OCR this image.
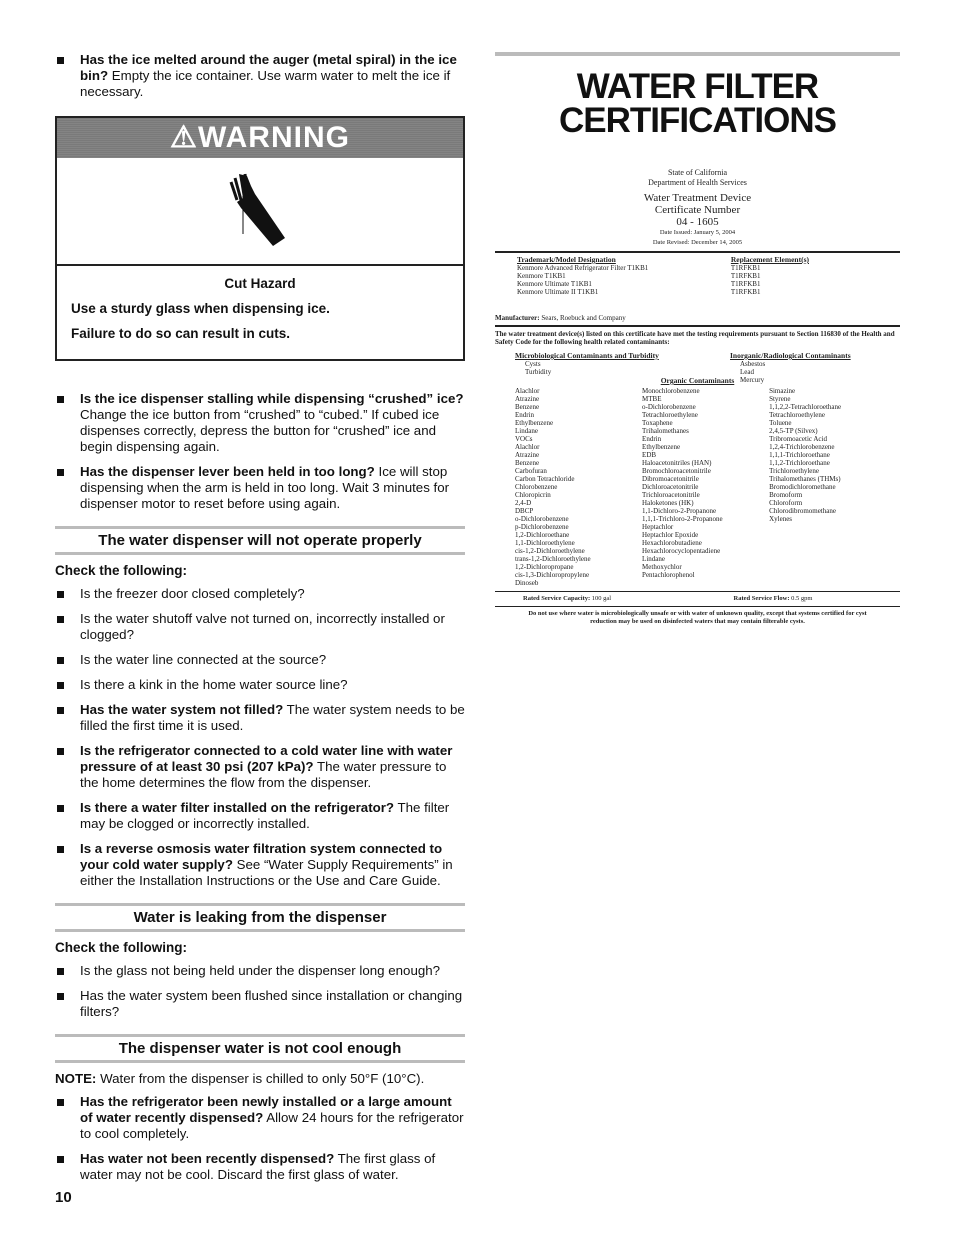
Has the ice melted around the auger (metal spiral) in the ice bin? Empty the ice container. Use warm water to melt the ice if necessary.
⚠WARNING
Cut Hazard

Use a sturdy glass when dispensing ice.

Failure to do so can result in cuts.

Is the ice dispenser stalling while dispensing “crushed” ice? Change the ice button from “crushed” to “cubed.” If cubed ice dispenses correctly, depress the button for “crushed” ice and begin dispensing again.
Has the dispenser lever been held in too long? Ice will stop dispensing when the arm is held in too long. Wait 3 minutes for dispenser motor to reset before using again.
The water dispenser will not operate properly
Check the following:
Is the freezer door closed completely?
Is the water shutoff valve not turned on, incorrectly installed or clogged?
Is the water line connected at the source?
Is there a kink in the home water source line?
Has the water system not filled? The water system needs to be filled the first time it is used.
Is the refrigerator connected to a cold water line with water pressure of at least 30 psi (207 kPa)? The water pressure to the home determines the flow from the dispenser.
Is there a water filter installed on the refrigerator? The filter may be clogged or incorrectly installed.
Is a reverse osmosis water filtration system connected to your cold water supply? See “Water Supply Requirements” in either the Installation Instructions or the Use and Care Guide.
Water is leaking from the dispenser
Check the following:
Is the glass not being held under the dispenser long enough?
Has the water system been flushed since installation or changing filters?
The dispenser water is not cool enough
NOTE: Water from the dispenser is chilled to only 50°F (10°C).
Has the refrigerator been newly installed or a large amount of water recently dispensed? Allow 24 hours for the refrigerator to cool completely.
Has water not been recently dispensed? The first glass of water may not be cool. Discard the first glass of water.
10
WATER FILTER
CERTIFICATIONS
State of California
Department of Health Services
Water Treatment Device
Certificate Number
04 - 1605
Date Issued: January 5, 2004
Date Revised: December 14, 2005
Trademark/Model Designation
Kenmore Advanced Refrigerator Filter T1KB1
Kenmore T1KB1
Kenmore Ultimate T1KB1
Kenmore Ultimate II T1KB1
Replacement Element(s)
T1RFKB1
T1RFKB1
T1RFKB1
T1RFKB1
Manufacturer: Sears, Roebuck and Company
The water treatment device(s) listed on this certificate have met the testing requirements pursuant to Section 116830 of the Health and Safety Code for the following health related contaminants:
Microbiological Contaminants and Turbidity
Cysts
Turbidity
Inorganic/Radiological Contaminants
Asbestos
Lead
Mercury
Organic Contaminants
Alachlor
Atrazine
Benzene
Endrin
Ethylbenzene
Lindane
VOCs
Alachlor
Atrazine
Benzene
Carbofuran
Carbon Tetrachloride
Chlorobenzene
Chloropicrin
2,4-D
DBCP
o-Dichlorobenzene
p-Dichlorobenzene
1,2-Dichloroethane
1,1-Dichloroethylene
cis-1,2-Dichloroethylene
trans-1,2-Dichloroethylene
1,2-Dichloropropane
cis-1,3-Dichloropropylene
Dinoseb
Monochlorobenzene
MTBE
o-Dichlorobenzene
Tetrachloroethylene
Toxaphene
Trihalomethanes
Endrin
Ethylbenzene
EDB
Haloacetonitriles (HAN)
Bromochloroacetonitrile
Dibromoacetonitrile
Dichloroacetonitrile
Trichloroacetonitrile
Haloketones (HK)
1,1-Dichloro-2-Propanone
1,1,1-Trichloro-2-Propanone
Heptachlor
Heptachlor Epoxide
Hexachlorobutadiene
Hexachlorocyclopentadiene
Lindane
Methoxychlor
Pentachlorophenol
Simazine
Styrene
1,1,2,2-Tetrachloroethane
Tetrachloroethylene
Toluene
2,4,5-TP (Silvex)
Tribromoacetic Acid
1,2,4-Trichlorobenzene
1,1,1-Trichloroethane
1,1,2-Trichloroethane
Trichloroethylene
Trihalomethanes (THMs)
Bromodichloromethane
Bromoform
Chloroform
Chlorodibromomethane
Xylenes
Rated Service Capacity: 100 gal	Rated Service Flow: 0.5 gpm
Do not use where water is microbiologically unsafe or with water of unknown quality, except that systems certified for cyst reduction may be used on disinfected waters that may contain filterable cysts.
